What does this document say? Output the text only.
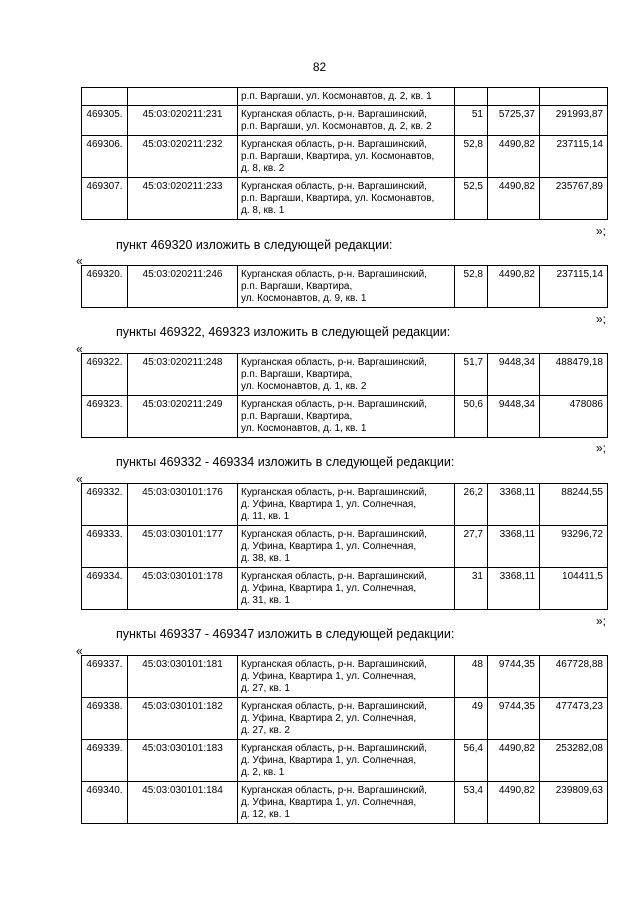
82

		р.п. Варгаши, ул. Космонавтов, д. 2, кв. 1			

469305.	45:03:020211:231	Курганская область, р-н. Варгашинский,
р.п. Варгаши, ул. Космонавтов, д. 2, кв. 2	51	5725,37	291993,87
469306.	45:03:020211:232	Курганская область, р-н. Варгашинский,
р.п. Варгаши, Квартира, ул. Космонавтов,
д. 8, кв. 2	52,8	4490,82	237115,14
469307.	45:03:020211:233	Курганская область, р-н. Варгашинский,
р.п. Варгаши, Квартира, ул. Космонавтов,
д. 8, кв. 1	52,5	4490,82	235767,89
»;
пункт 469320 изложить в следующей редакции:
«
469320.	45:03:020211:246	Курганская область, р-н. Варгашинский,
р.п. Варгаши, Квартира,
ул. Космонавтов, д. 9, кв. 1
	52,8	4490,82	237115,14
»;
пункты 469322, 469323 изложить в следующей редакции:
«
469322.	45:03:020211:248	Курганская область, р-н. Варгашинский,
р.п. Варгаши, Квартира,
ул. Космонавтов, д. 1, кв. 2	51,7	9448,34	488479,18
469323.	45:03:020211:249	Курганская область, р-н. Варгашинский,
р.п. Варгаши, Квартира,
ул. Космонавтов, д. 1, кв. 1	50,6	9448,34	478086
»;
пункты 469332 - 469334 изложить в следующей редакции:
«
469332.	45:03:030101:176	Курганская область, р-н. Варгашинский,
д. Уфина, Квартира 1, ул. Солнечная,
д. 11, кв. 1	26,2	3368,11	88244,55
469333.	45:03:030101:177	Курганская область, р-н. Варгашинский,
д. Уфина, Квартира 1, ул. Солнечная,
д. 38, кв. 1	27,7	3368,11	93296,72
469334.	45:03:030101:178	Курганская область, р-н. Варгашинский,
д. Уфина, Квартира 1, ул. Солнечная,
д. 31, кв. 1	31	3368,11	104411,5
»;
пункты 469337 - 469347 изложить в следующей редакции:
«
469337.	45:03:030101:181	Курганская область, р-н. Варгашинский,
д. Уфина, Квартира 1, ул. Солнечная,
д. 27, кв. 1	48	9744,35	467728,88
469338.	45:03:030101:182	Курганская область, р-н. Варгашинский,
д. Уфина, Квартира 2, ул. Солнечная,
д. 27, кв. 2	49	9744,35	477473,23
469339.	45:03:030101:183	Курганская область, р-н. Варгашинский,
д. Уфина, Квартира 1, ул. Солнечная,
д. 2, кв. 1	56,4	4490,82	253282,08
469340.	45:03:030101:184	Курганская область, р-н. Варгашинский,
д. Уфина, Квартира 1, ул. Солнечная,
д. 12, кв. 1	53,4	4490,82	239809,63
